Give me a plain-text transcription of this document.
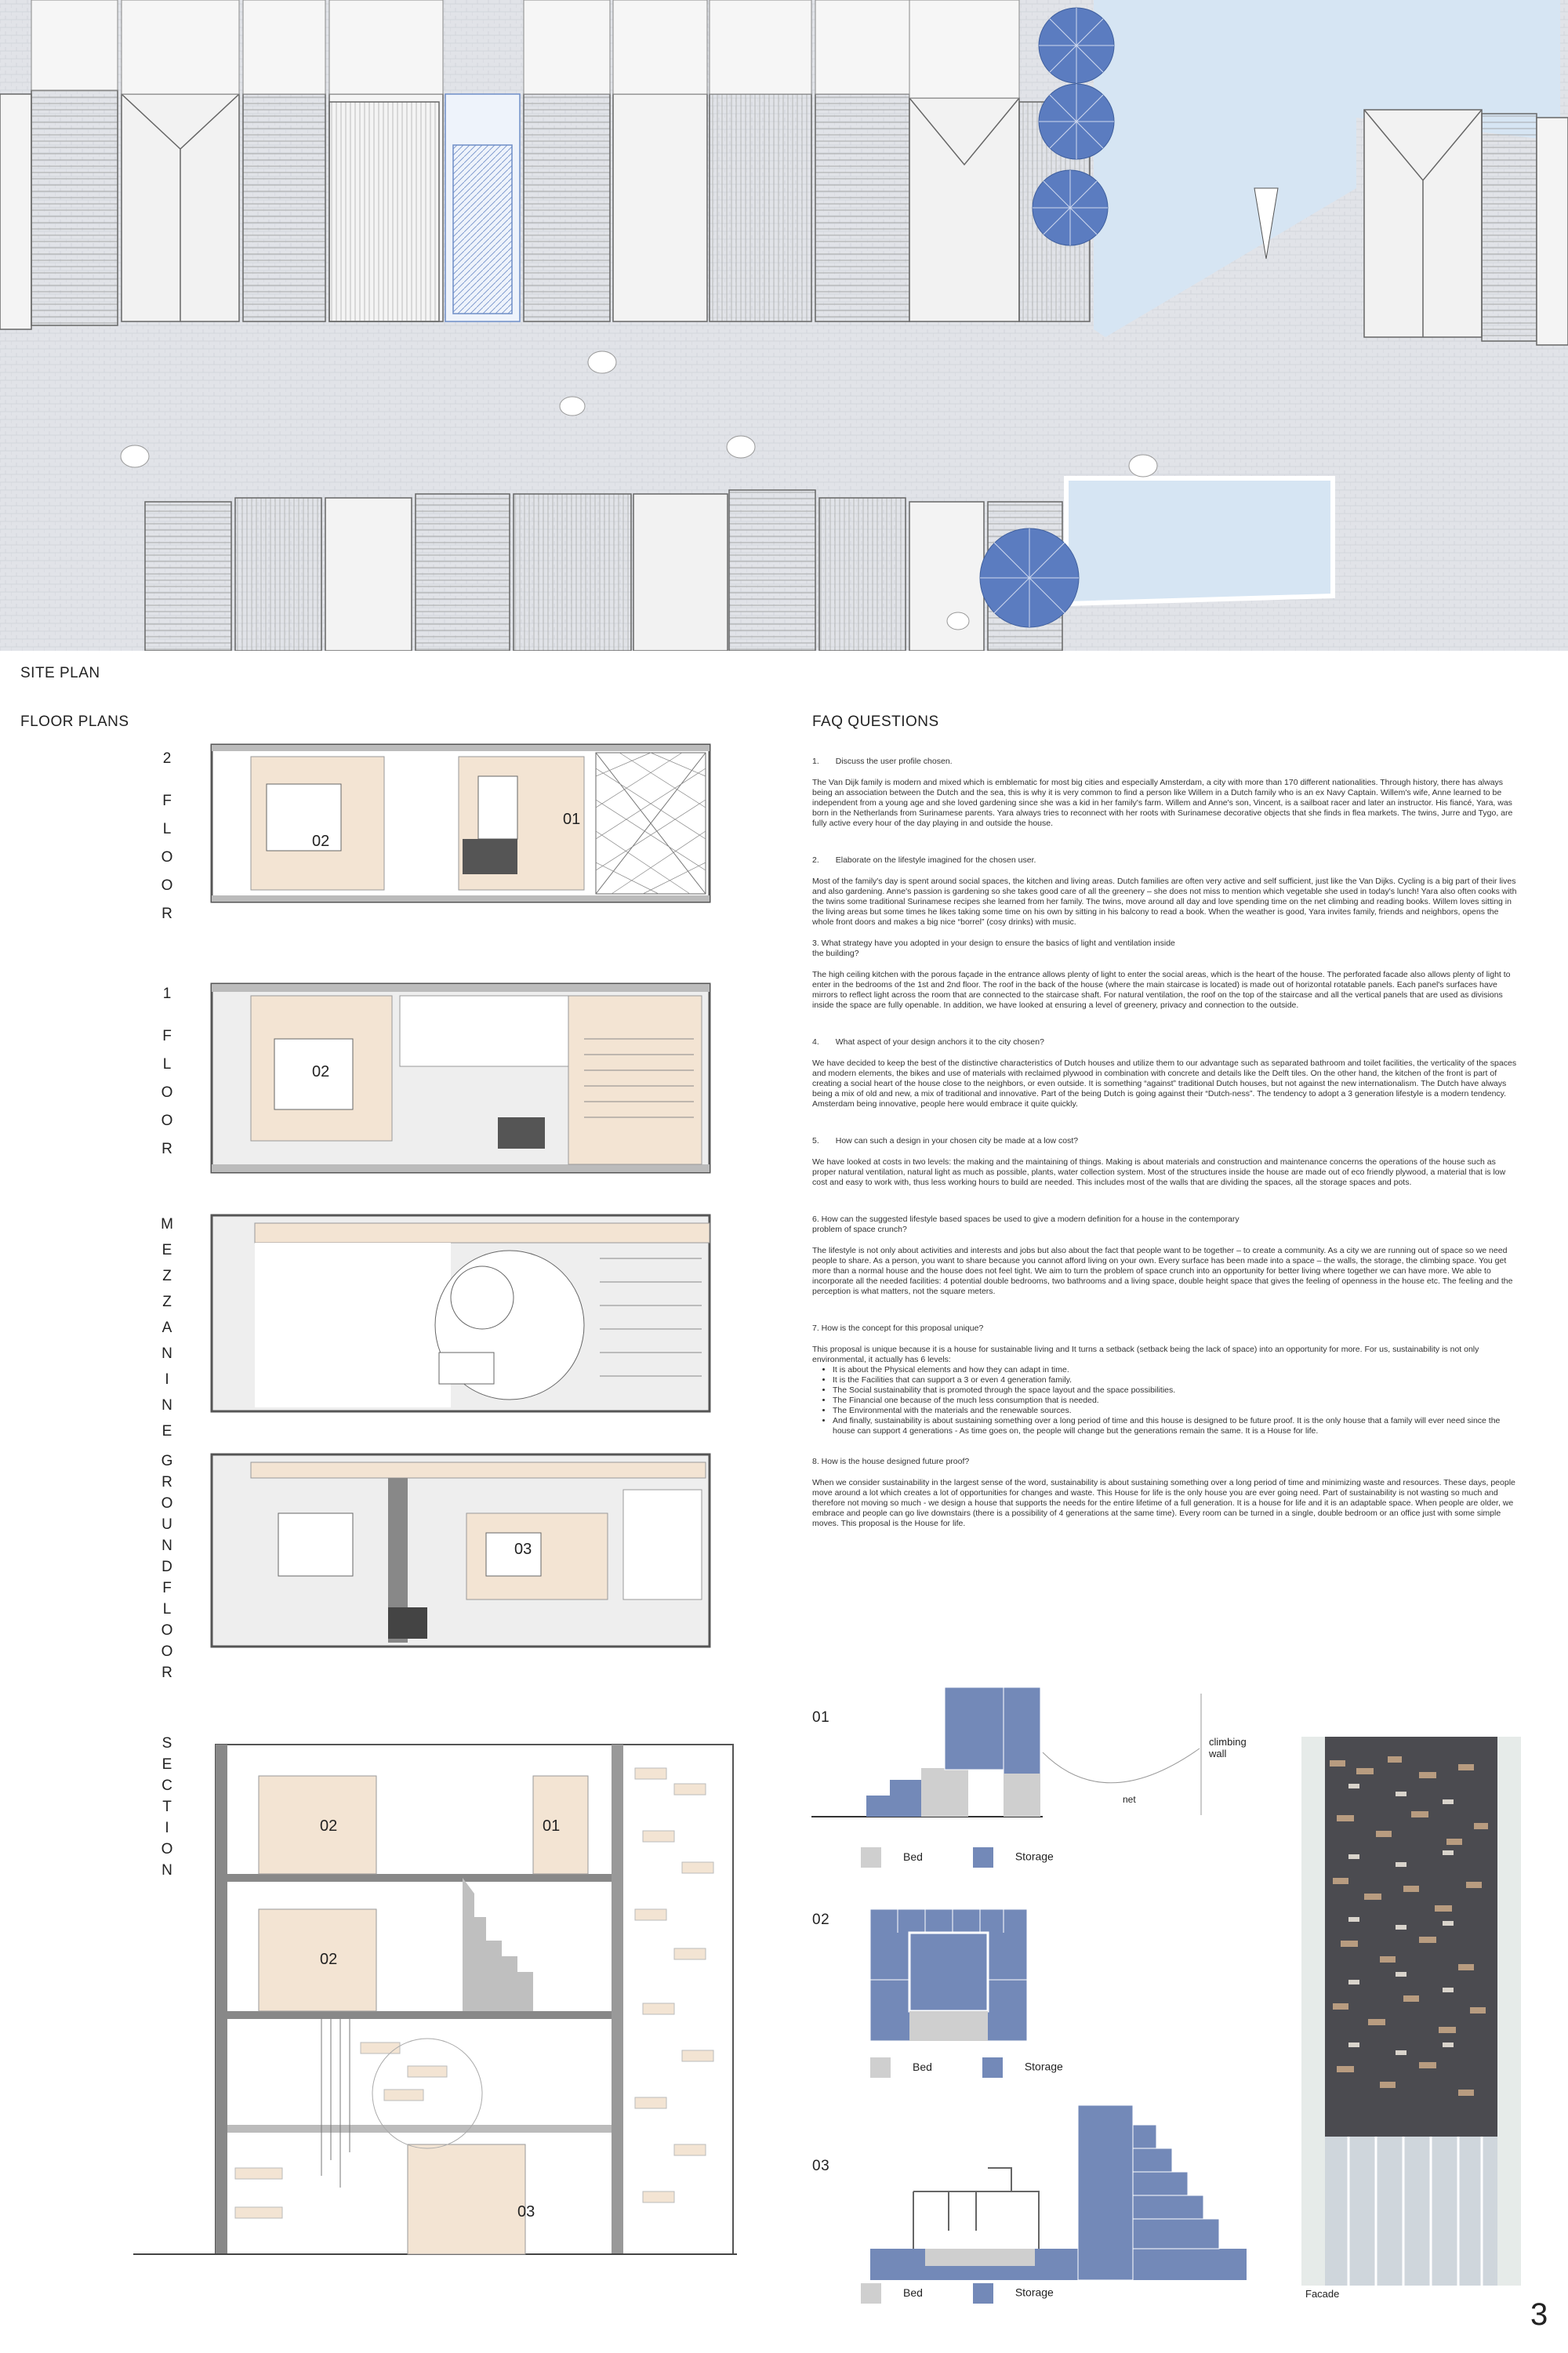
SITE PLAN
FLOOR PLANS	FAQ QUESTIONS
2
F
L
O
O
R
1
F
L
O
O
R
M
E
Z
Z
A
N
I
N
E
G
R
O
U
N
D
F
L
O
O
R
S
E
C
T
I
O
N
02
01
02
03
02	01
02
03
01
climbing wall
net
Bed	Storage
02
Bed	Storage
03
Bed	Storage	Facade
3
1.  Discuss the user profile chosen.
The Van Dijk family is modern and mixed which is emblematic for most big cities and especially Amsterdam, a city with more than 170 different nationalities. Through history, there has always being an association between the Dutch and the sea, this is why it is very common to find a person like Willem in a Dutch family who is an ex Navy Captain. Willem's wife, Anne learned to be independent from a young age and she loved gardening since she was a kid in her family's farm. Willem and Anne's son, Vincent, is a sailboat racer and later an instructor. His fiancé, Yara, was born in the Netherlands from Surinamese parents. Yara always tries to reconnect with her roots with Surinamese decorative objects that she finds in flea markets. The twins, Jurre and Tygo, are fully active every hour of the day playing in and outside the house.
2.  Elaborate on the lifestyle imagined for the chosen user.
Most of the family's day is spent around social spaces, the kitchen and living areas. Dutch families are often very active and self sufficient, just like the Van Dijks. Cycling is a big part of their lives and also gardening. Anne's passion is gardening so she takes good care of all the greenery – she does not miss to mention which vegetable she used in today's lunch! Yara also often cooks with the twins some traditional Surinamese recipes she learned from her family. The twins, move around all day and love spending time on the net climbing and reading books. Willem loves sitting in the living areas but some times he likes taking some time on his own by sitting in his balcony to read a book. When the weather is good, Yara invites family, friends and neighbors, opens the whole front doors and makes a big nice “borrel” (cosy drinks) with music.
3. What strategy have you adopted in your design to ensure the basics of light and ventilation inside the building?
The high ceiling kitchen with the porous façade in the entrance allows plenty of light to enter the social areas, which is the heart of the house. The perforated facade also allows plenty of light to enter in the bedrooms of the 1st and 2nd floor. The roof in the back of the house (where the main staircase is located) is made out of horizontal rotatable panels. Each panel's surfaces have mirrors to reflect light across the room that are connected to the staircase shaft. For natural ventilation, the roof on the top of the staircase and all the vertical panels that are used as divisions inside the space are fully openable. In addition, we have looked at ensuring a level of greenery, privacy and connection to the outside.
4.  What aspect of your design anchors it to the city chosen?
We have decided to keep the best of the distinctive characteristics of Dutch houses and utilize them to our advantage such as separated bathroom and toilet facilities, the verticality of the spaces and modern elements, the bikes and use of materials with reclaimed plywood in combination with concrete and details like the Delft tiles. On the other hand, the kitchen of the front is part of creating a social heart of the house close to the neighbors, or even outside. It is something “against” traditional Dutch houses, but not against the new internationalism. The Dutch have always being a mix of old and new, a mix of traditional and innovative. Part of the being Dutch is going against their “Dutch-ness”. The tendency to adopt a 3 generation lifestyle is a modern tendency. Amsterdam being innovative, people here would embrace it quite quickly.
5.  How can such a design in your chosen city be made at a low cost?
We have looked at costs in two levels: the making and the maintaining of things. Making is about materials and construction and maintenance concerns the operations of the house such as proper natural ventilation, natural light as much as possible, plants, water collection system. Most of the structures inside the house are made out of eco friendly plywood, a material that is low cost and easy to work with, thus less working hours to build are needed. This includes most of the walls that are dividing the spaces, all the storage spaces and pots.
6. How can the suggested lifestyle based spaces be used to give a modern definition for a house in the contemporary problem of space crunch?
The lifestyle is not only about activities and interests and jobs but also about the fact that people want to be together – to create a community. As a city we are running out of space so we need people to share. As a person, you want to share because you cannot afford living on your own. Every surface has been made into a space – the walls, the storage, the climbing space. You get more than a normal house and the house does not feel tight. We aim to turn the problem of space crunch into an opportunity for better living where together we can have more. We able to incorporate all the needed facilities: 4 potential double bedrooms, two bathrooms and a living space, double height space that gives the feeling of openness in the house etc. The feeling and the perception is what matters, not the square meters.
7. How is the concept for this proposal unique?
This proposal is unique because it is a house for sustainable living and It turns a setback (setback being the lack of space) into an opportunity for more. For us, sustainability is not only environmental, it actually has 6 levels:
• It is about the Physical elements and how they can adapt in time.
• It is the Facilities that can support a 3 or even 4 generation family.
• The Social sustainability that is promoted through the space layout and the space possibilities.
• The Financial one because of the much less consumption that is needed.
• The Environmental with the materials and the renewable sources.
• And finally, sustainability is about sustaining something over a long period of time and this house is designed to be future proof. It is the only house that a family will ever need since the house can support 4 generations - As time goes on, the people will change but the generations remain the same. It is a House for life.
8. How is the house designed future proof?
When we consider sustainability in the largest sense of the word, sustainability is about sustaining something over a long period of time and minimizing waste and resources. These days, people move around a lot which creates a lot of opportunities for changes and waste. This House for life is the only house you are ever going need. Part of sustainability is not wasting so much and therefore not moving so much - we design a house that supports the needs for the entire lifetime of a full generation. It is a house for life and it is an adaptable space. When people are older, we embrace and people can go live downstairs (there is a possibility of 4 generations at the same time). Every room can be turned in a single, double bedroom or an office just with some simple moves. This proposal is the House for life.
